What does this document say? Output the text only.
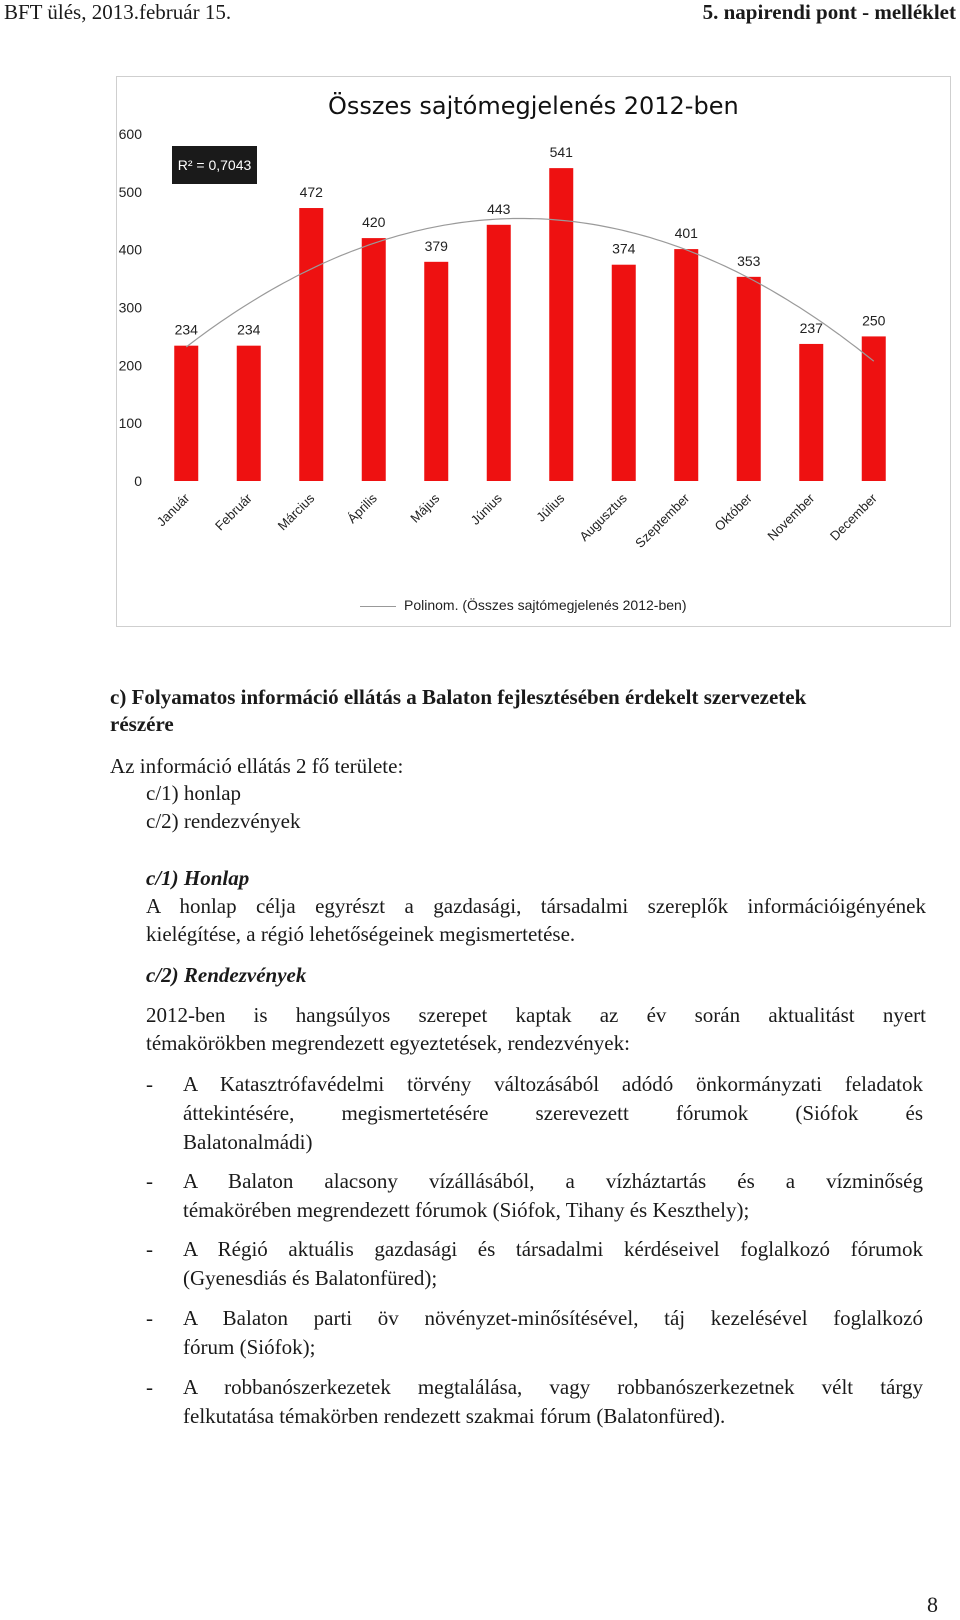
BFT ülés, 2013.február 15.	5. napirendi pont - melléklet
0
100
200
300
400
500
600
234
Január
234
Február
472
Március
420
Április
379
Május
443
Június
541
Július
374
Augusztus
401
Szeptember
353
Október
237
November
250
December
Összes sajtómegjelenés 2012-ben
R² = 0,7043
Polinom. (Összes sajtómegjelenés 2012-ben)
c) Folyamatos információ ellátás a Balaton fejlesztésében érdekelt szervezetek
részére
Az információ ellátás 2 fő területe:
c/1) honlap
c/2) rendezvények
c/1) Honlap
A honlap célja egyrészt a gazdasági, társadalmi szereplők információigényének
kielégítése, a régió lehetőségeinek megismertetése.
c/2) Rendezvények
2012-ben is hangsúlyos szerepet kaptak az év során aktualitást nyert
témakörökben megrendezett egyeztetések, rendezvények:
- A Katasztrófavédelmi törvény változásából adódó önkormányzati feladatok
áttekintésére, megismertetésére szerevezett fórumok (Siófok és
Balatonalmádi)
- A Balaton alacsony vízállásából, a vízháztartás és a vízminőség
témakörében megrendezett fórumok (Siófok, Tihany és Keszthely);
- A Régió aktuális gazdasági és társadalmi kérdéseivel foglalkozó fórumok
(Gyenesdiás és Balatonfüred);
- A Balaton parti öv növényzet-minősítésével, táj kezelésével foglalkozó
fórum (Siófok);
- A robbanószerkezetek megtalálása, vagy robbanószerkezetnek vélt tárgy
felkutatása témakörben rendezett szakmai fórum (Balatonfüred).
8
